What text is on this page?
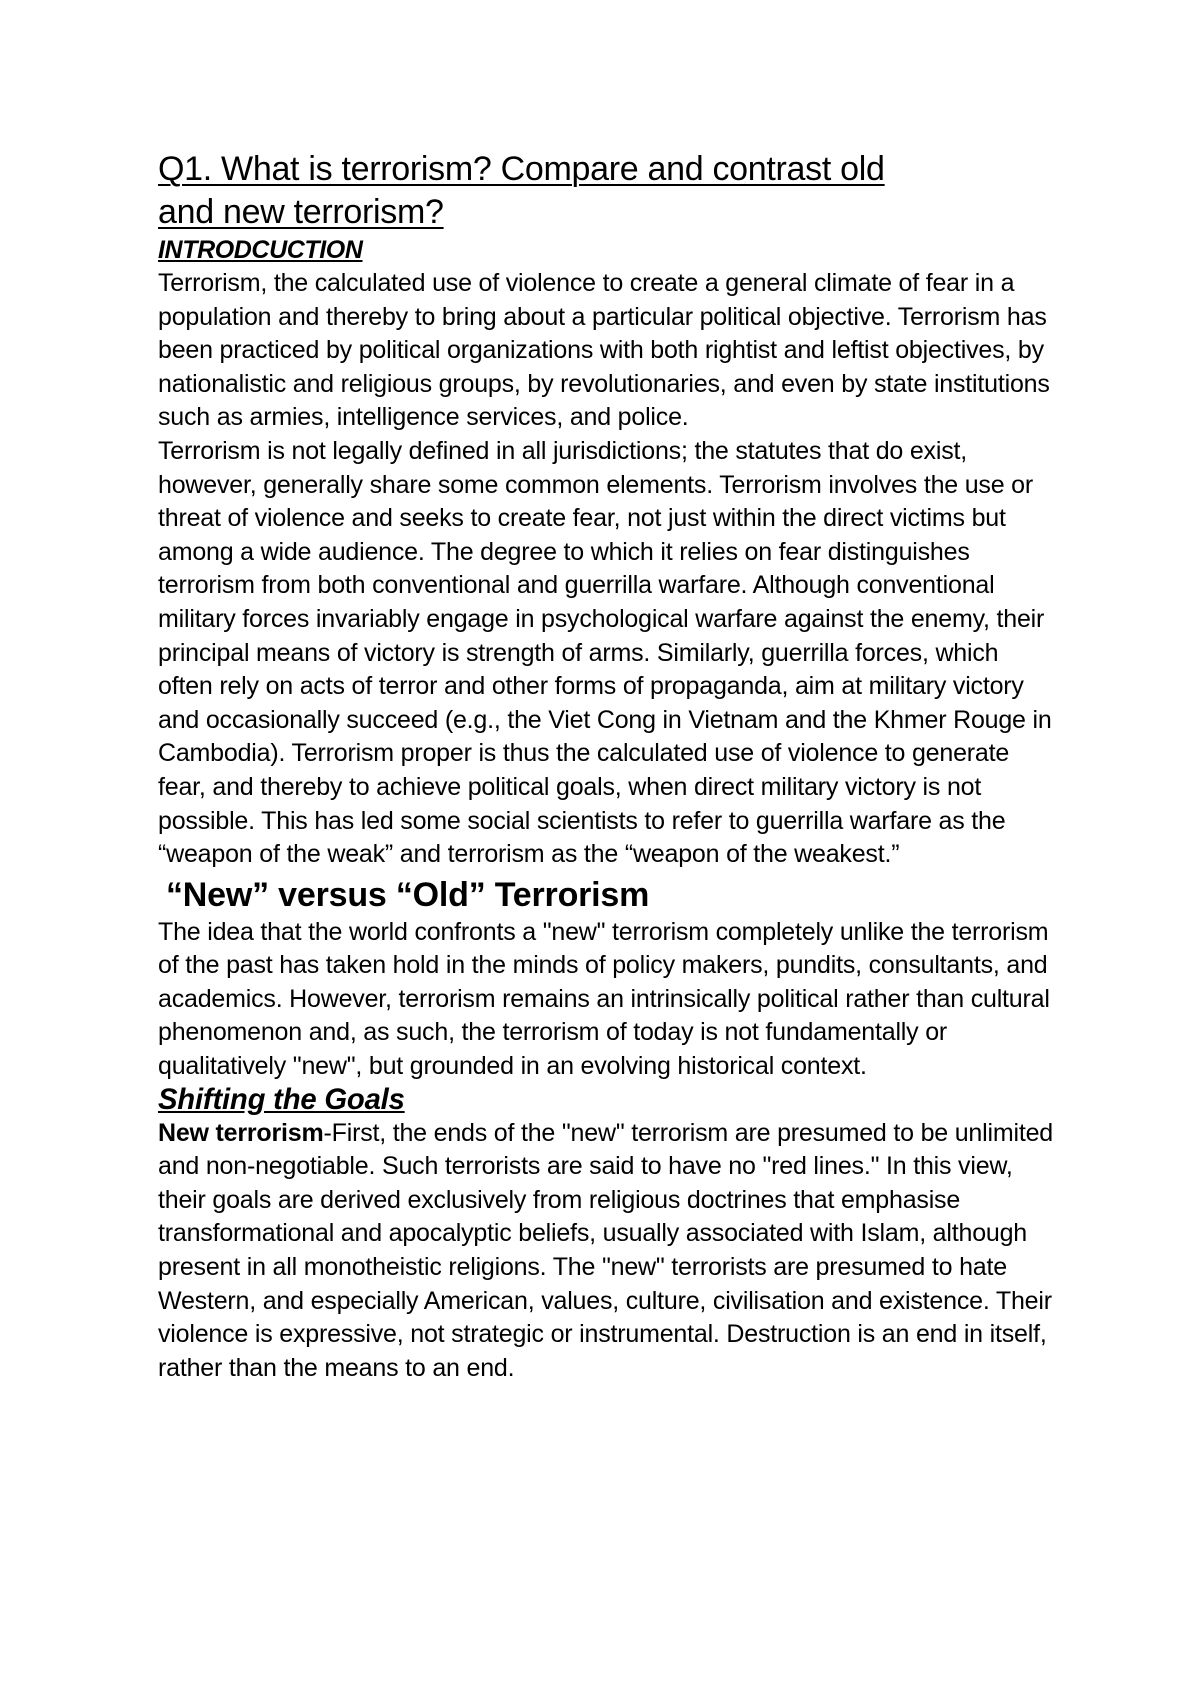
Q1. What is terrorism? Compare and contrast old
and new terrorism?
INTRODCUCTION

Terrorism, the calculated use of violence to create a general climate of fear in a population and thereby to bring about a particular political objective. Terrorism has been practiced by political organizations with both rightist and leftist objectives, by nationalistic and religious groups, by revolutionaries, and even by state institutions such as armies, intelligence services, and police.

Terrorism is not legally defined in all jurisdictions; the statutes that do exist, however, generally share some common elements. Terrorism involves the use or threat of violence and seeks to create fear, not just within the direct victims but among a wide audience. The degree to which it relies on fear distinguishes terrorism from both conventional and guerrilla warfare. Although conventional military forces invariably engage in psychological warfare against the enemy, their principal means of victory is strength of arms. Similarly, guerrilla forces, which often rely on acts of terror and other forms of propaganda, aim at military victory and occasionally succeed (e.g., the Viet Cong in Vietnam and the Khmer Rouge in Cambodia). Terrorism proper is thus the calculated use of violence to generate fear, and thereby to achieve political goals, when direct military victory is not possible. This has led some social scientists to refer to guerrilla warfare as the “weapon of the weak” and terrorism as the “weapon of the weakest.”

“New” versus “Old” Terrorism

The idea that the world confronts a "new" terrorism completely unlike the terrorism of the past has taken hold in the minds of policy makers, pundits, consultants, and academics. However, terrorism remains an intrinsically political rather than cultural phenomenon and, as such, the terrorism of today is not fundamentally or qualitatively "new", but grounded in an evolving historical context.

Shifting the Goals

New terrorism-First, the ends of the "new" terrorism are presumed to be unlimited and non-negotiable. Such terrorists are said to have no "red lines." In this view, their goals are derived exclusively from religious doctrines that emphasise transformational and apocalyptic beliefs, usually associated with Islam, although present in all monotheistic religions. The "new" terrorists are presumed to hate Western, and especially American, values, culture, civilisation and existence. Their violence is expressive, not strategic or instrumental. Destruction is an end in itself, rather than the means to an end.
